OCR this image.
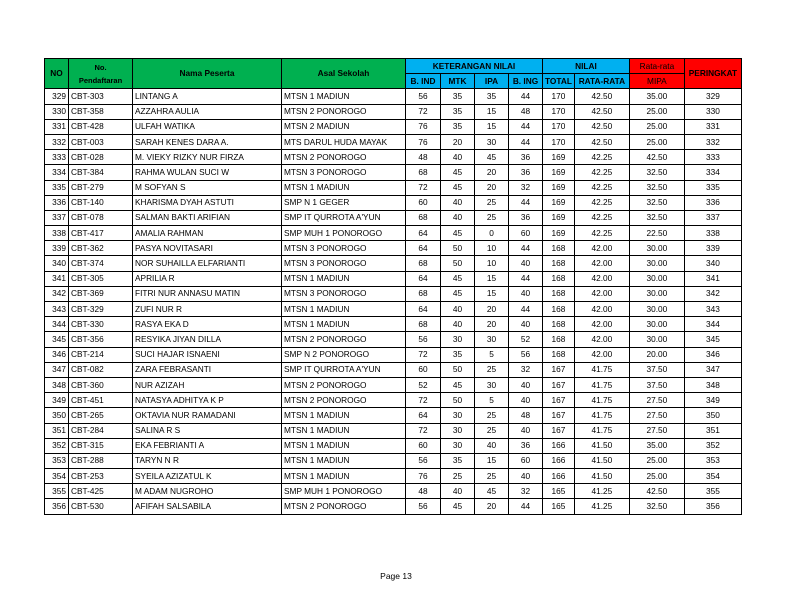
NO	No.
Pendaftaran	Nama Peserta	Asal Sekolah	KETERANGAN NILAI				NILAI		Rata-rata	PERINGKAT
				B. IND	MTK	IPA	B. ING	TOTAL	RATA-RATA	MIPA	
329	CBT-303	LINTANG A	MTSN 1 MADIUN	56	35	35	44	170	42.50	35.00	329
330	CBT-358	AZZAHRA AULIA	MTSN 2 PONOROGO	72	35	15	48	170	42.50	25.00	330
331	CBT-428	ULFAH WATIKA	MTSN 2 MADIUN	76	35	15	44	170	42.50	25.00	331
332	CBT-003	SARAH KENES DARA A.	MTS DARUL HUDA MAYAK	76	20	30	44	170	42.50	25.00	332
333	CBT-028	M. VIEKY RIZKY NUR FIRZA	MTSN 2 PONOROGO	48	40	45	36	169	42.25	42.50	333
334	CBT-384	RAHMA WULAN SUCI W	MTSN 3 PONOROGO	68	45	20	36	169	42.25	32.50	334
335	CBT-279	M SOFYAN S	MTSN 1 MADIUN	72	45	20	32	169	42.25	32.50	335
336	CBT-140	KHARISMA DYAH ASTUTI	SMP N 1 GEGER	60	40	25	44	169	42.25	32.50	336
337	CBT-078	SALMAN BAKTI ARIFIAN	SMP IT QURROTA A'YUN	68	40	25	36	169	42.25	32.50	337
338	CBT-417	AMALIA RAHMAN	SMP MUH 1 PONOROGO	64	45	0	60	169	42.25	22.50	338
339	CBT-362	PASYA NOVITASARI	MTSN 3 PONOROGO	64	50	10	44	168	42.00	30.00	339
340	CBT-374	NOR SUHAILLA ELFARIANTI	MTSN 3 PONOROGO	68	50	10	40	168	42.00	30.00	340
341	CBT-305	APRILIA R	MTSN 1 MADIUN	64	45	15	44	168	42.00	30.00	341
342	CBT-369	FITRI NUR ANNASU MATIN	MTSN 3 PONOROGO	68	45	15	40	168	42.00	30.00	342
343	CBT-329	ZUFI NUR R	MTSN 1 MADIUN	64	40	20	44	168	42.00	30.00	343
344	CBT-330	RASYA EKA D	MTSN 1 MADIUN	68	40	20	40	168	42.00	30.00	344
345	CBT-356	RESYIKA JIYAN DILLA	MTSN 2 PONOROGO	56	30	30	52	168	42.00	30.00	345
346	CBT-214	SUCI HAJAR ISNAENI	SMP N 2 PONOROGO	72	35	5	56	168	42.00	20.00	346
347	CBT-082	ZARA FEBRASANTI	SMP IT QURROTA A'YUN	60	50	25	32	167	41.75	37.50	347
348	CBT-360	NUR AZIZAH	MTSN 2 PONOROGO	52	45	30	40	167	41.75	37.50	348
349	CBT-451	NATASYA ADHITYA K P	MTSN 2 PONOROGO	72	50	5	40	167	41.75	27.50	349
350	CBT-265	OKTAVIA NUR RAMADANI	MTSN 1 MADIUN	64	30	25	48	167	41.75	27.50	350
351	CBT-284	SALINA R S	MTSN 1 MADIUN	72	30	25	40	167	41.75	27.50	351
352	CBT-315	EKA FEBRIANTI A	MTSN 1 MADIUN	60	30	40	36	166	41.50	35.00	352
353	CBT-288	TARYN N R	MTSN 1 MADIUN	56	35	15	60	166	41.50	25.00	353
354	CBT-253	SYEILA AZIZATUL K	MTSN 1 MADIUN	76	25	25	40	166	41.50	25.00	354
355	CBT-425	M ADAM NUGROHO	SMP MUH 1 PONOROGO	48	40	45	32	165	41.25	42.50	355
356	CBT-530	AFIFAH SALSABILA	MTSN 2 PONOROGO	56	45	20	44	165	41.25	32.50	356
Page 13
